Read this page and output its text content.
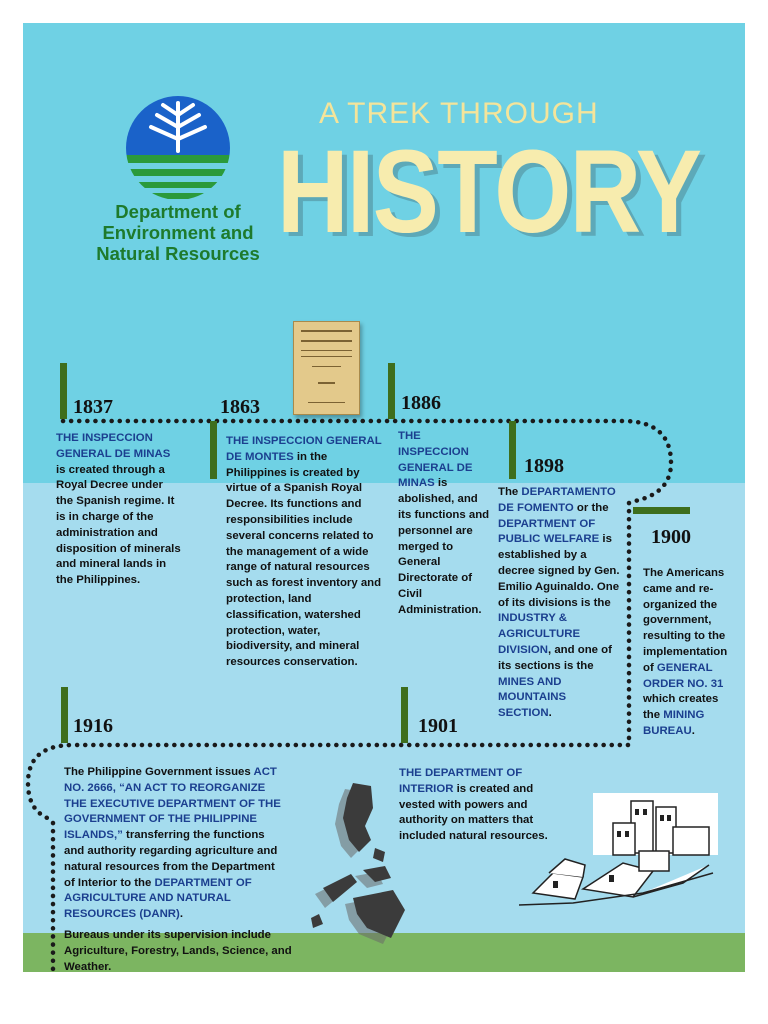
Department of Environment and Natural Resources
A TREK THROUGH
HISTORY
1837
THE INSPECCION GENERAL DE MINAS is created through a Royal Decree under the Spanish regime. It is in charge of the administration and disposition of minerals and mineral lands in the Philippines.
1863
THE INSPECCION GENERAL DE MONTES in the Philippines is created by virtue of a Spanish Royal Decree. Its functions and responsibilities include several concerns related to the management of a wide range of natural resources such as forest inventory and protection, land classification, watershed protection, water, biodiversity, and mineral resources conservation.
1886
THE INSPECCION GENERAL DE MINAS is abolished, and its functions and personnel are merged to General Directorate of Civil Administration.
1898
The DEPARTAMENTO DE FOMENTO or the DEPARTMENT OF PUBLIC WELFARE is established by a decree signed by Gen. Emilio Aguinaldo. One of its divisions is the INDUSTRY & AGRICULTURE DIVISION, and one of its sections is the MINES AND MOUNTAINS SECTION.
1900
The Americans came and re-organized the government, resulting to the implementation of GENERAL ORDER NO. 31 which creates the MINING BUREAU.
1901
THE DEPARTMENT OF INTERIOR is created and vested with powers and authority on matters that included natural resources.
1916
The Philippine Government issues ACT NO. 2666, “AN ACT TO REORGANIZE THE EXECUTIVE DEPARTMENT OF THE GOVERNMENT OF THE PHILIPPINE ISLANDS,” transferring the functions and authority regarding agriculture and natural resources from the Department of Interior to the DEPARTMENT OF AGRICULTURE AND NATURAL RESOURCES (DANR).
Bureaus under its supervision include Agriculture, Forestry, Lands, Science, and Weather.
